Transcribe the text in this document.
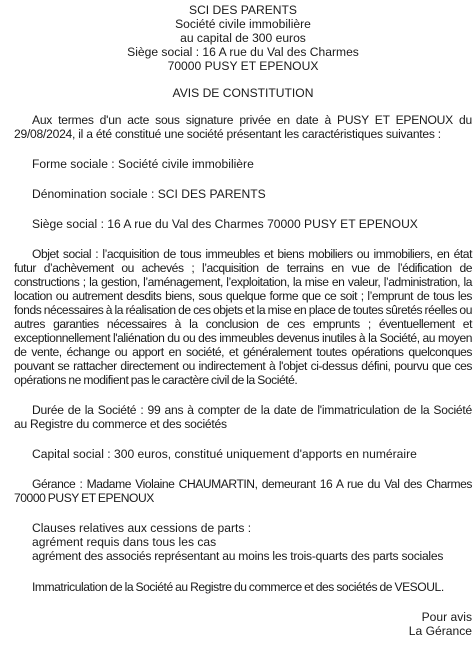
SCI DES PARENTS
Société civile immobilière
au capital de 300 euros
Siège social : 16 A rue du Val des Charmes
70000 PUSY ET EPENOUX
AVIS DE CONSTITUTION

Aux termes d'un acte sous signature privée en date à PUSY ET EPENOUX du 29/08/2024, il a été constitué une société présentant les caractéristiques suivantes :

Forme sociale : Société civile immobilière

Dénomination sociale : SCI DES PARENTS

Siège social : 16 A rue du Val des Charmes 70000 PUSY ET EPENOUX

Objet social : l’acquisition de tous immeubles et biens mobiliers ou immobiliers, en état futur d’achèvement ou achevés ; l’acquisition de terrains en vue de l’édification de constructions ; la gestion, l’aménagement, l’exploitation, la mise en valeur, l’administration, la location ou autrement desdits biens, sous quelque forme que ce soit ; l’emprunt de tous les fonds nécessaires à la réalisation de ces objets et la mise en place de toutes sûretés réelles ou autres garanties nécessaires à la conclusion de ces emprunts ; éventuellement et exceptionnellement l'aliénation du ou des immeubles devenus inutiles à la Société, au moyen de vente, échange ou apport en société, et généralement toutes opérations quelconques pouvant se rattacher directement ou indirectement à l'objet ci-dessus défini, pourvu que ces opérations ne modifient pas le caractère civil de la Société.

Durée de la Société : 99 ans à compter de la date de l'immatriculation de la Société au Registre du commerce et des sociétés

Capital social : 300 euros, constitué uniquement d'apports en numéraire

Gérance : Madame Violaine CHAUMARTIN, demeurant 16 A rue du Val des Charmes 70000 PUSY ET EPENOUX

Clauses relatives aux cessions de parts :
agrément requis dans tous les cas
agrément des associés représentant au moins les trois-quarts des parts sociales

Immatriculation de la Société au Registre du commerce et des sociétés de VESOUL.

Pour avis
La Gérance
